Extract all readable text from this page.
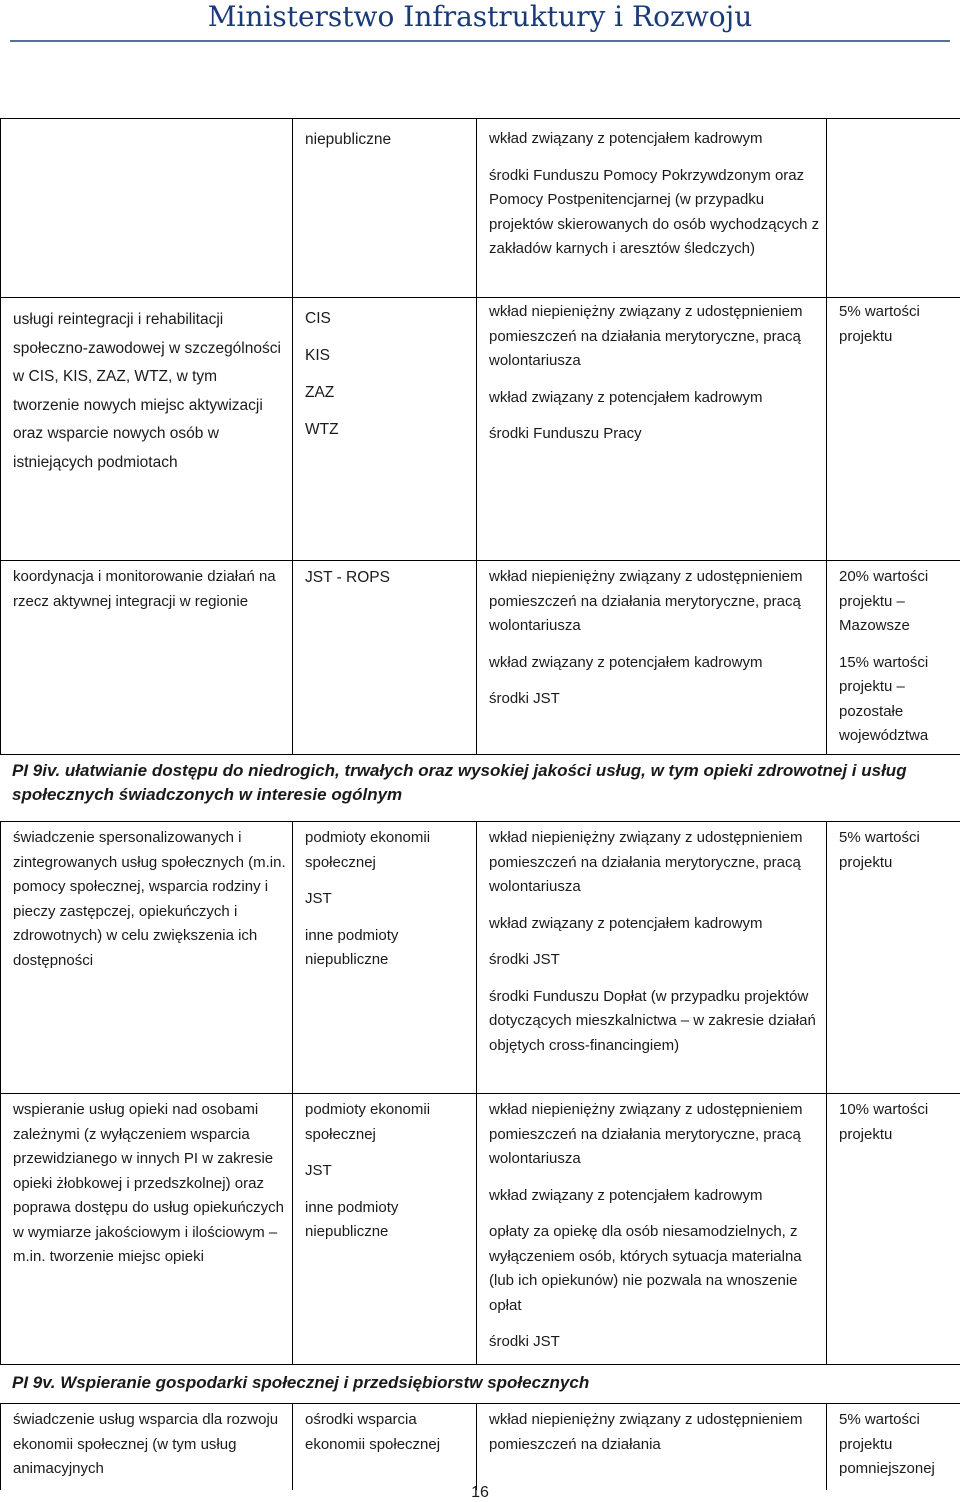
Ministerstwo Infrastruktury i Rozwoju

niepubliczne	wkład związany z potencjałem kadrowym

środki Funduszu Pomocy Pokrzywdzonym oraz Pomocy Postpenitencjarnej (w przypadku projektów skierowanych do osób wychodzących z zakładów karnych i aresztów śledczych)

usługi reintegracji i rehabilitacji społeczno-zawodowej w szczególności w CIS, KIS, ZAZ, WTZ, w tym tworzenie nowych miejsc aktywizacji oraz wsparcie nowych osób w istniejących podmiotach

CIS

KIS

ZAZ

WTZ

wkład niepieniężny związany z udostępnieniem pomieszczeń na działania merytoryczne, pracą wolontariusza

wkład związany z potencjałem kadrowym

środki Funduszu Pracy

5% wartości projektu

koordynacja i monitorowanie działań na rzecz aktywnej integracji w regionie

JST - ROPS	wkład niepieniężny związany z udostępnieniem pomieszczeń na działania merytoryczne, pracą wolontariusza

wkład związany z potencjałem kadrowym

środki JST

20% wartości projektu – Mazowsze

15% wartości projektu – pozostałe województwa

PI 9iv. ułatwianie dostępu do niedrogich, trwałych oraz wysokiej jakości usług, w tym opieki zdrowotnej i usług społecznych świadczonych w interesie ogólnym

świadczenie spersonalizowanych i zintegrowanych usług społecznych (m.in. pomocy społecznej, wsparcia rodziny i pieczy zastępczej, opiekuńczych i zdrowotnych) w celu zwiększenia ich dostępności

podmioty ekonomii społecznej

JST

inne podmioty niepubliczne

wkład niepieniężny związany z udostępnieniem pomieszczeń na działania merytoryczne, pracą wolontariusza

wkład związany z potencjałem kadrowym

środki JST

środki Funduszu Dopłat (w przypadku projektów dotyczących mieszkalnictwa – w zakresie działań objętych cross-financingiem)

5% wartości projektu

wspieranie usług opieki nad osobami zależnymi (z wyłączeniem wsparcia przewidzianego w innych PI w zakresie opieki żłobkowej i przedszkolnej) oraz poprawa dostępu do usług opiekuńczych w wymiarze jakościowym i ilościowym – m.in. tworzenie miejsc opieki

podmioty ekonomii społecznej

JST

inne podmioty niepubliczne

wkład niepieniężny związany z udostępnieniem pomieszczeń na działania merytoryczne, pracą wolontariusza

wkład związany z potencjałem kadrowym

opłaty za opiekę dla osób niesamodzielnych, z wyłączeniem osób, których sytuacja materialna (lub ich opiekunów) nie pozwala na wnoszenie opłat

środki JST

10% wartości projektu

PI 9v. Wspieranie gospodarki społecznej i przedsiębiorstw społecznych

świadczenie usług wsparcia dla rozwoju ekonomii społecznej (w tym usług animacyjnych

ośrodki wsparcia ekonomii społecznej

wkład niepieniężny związany z udostępnieniem pomieszczeń na działania

5% wartości projektu pomniejszonej

16
